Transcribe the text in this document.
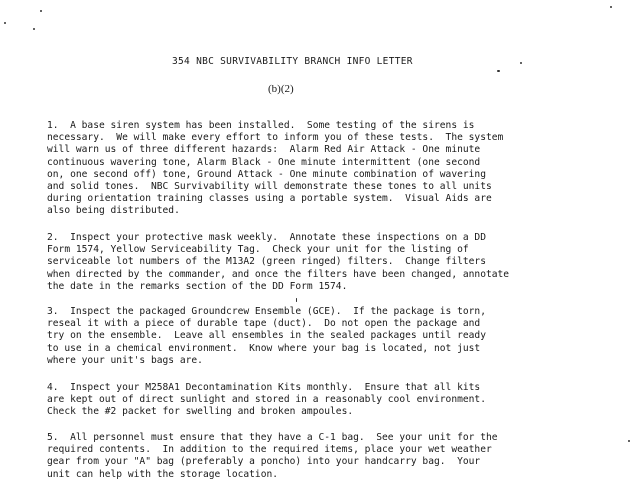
354 NBC SURVIVABILITY BRANCH INFO LETTER
(b)(2)
1.  A base siren system has been installed.  Some testing of the sirens is
necessary.  We will make every effort to inform you of these tests.  The system
will warn us of three different hazards:  Alarm Red Air Attack - One minute
continuous wavering tone, Alarm Black - One minute intermittent (one second
on, one second off) tone, Ground Attack - One minute combination of wavering
and solid tones.  NBC Survivability will demonstrate these tones to all units
during orientation training classes using a portable system.  Visual Aids are
also being distributed.
2.  Inspect your protective mask weekly.  Annotate these inspections on a DD
Form 1574, Yellow Serviceability Tag.  Check your unit for the listing of
serviceable lot numbers of the M13A2 (green ringed) filters.  Change filters
when directed by the commander, and once the filters have been changed, annotate
the date in the remarks section of the DD Form 1574.
3.  Inspect the packaged Groundcrew Ensemble (GCE).  If the package is torn,
reseal it with a piece of durable tape (duct).  Do not open the package and
try on the ensemble.  Leave all ensembles in the sealed packages until ready
to use in a chemical environment.  Know where your bag is located, not just
where your unit's bags are.
4.  Inspect your M258A1 Decontamination Kits monthly.  Ensure that all kits
are kept out of direct sunlight and stored in a reasonably cool environment.
Check the #2 packet for swelling and broken ampoules.
5.  All personnel must ensure that they have a C-1 bag.  See your unit for the
required contents.  In addition to the required items, place your wet weather
gear from your "A" bag (preferably a poncho) into your handcarry bag.  Your
unit can help with the storage location.
